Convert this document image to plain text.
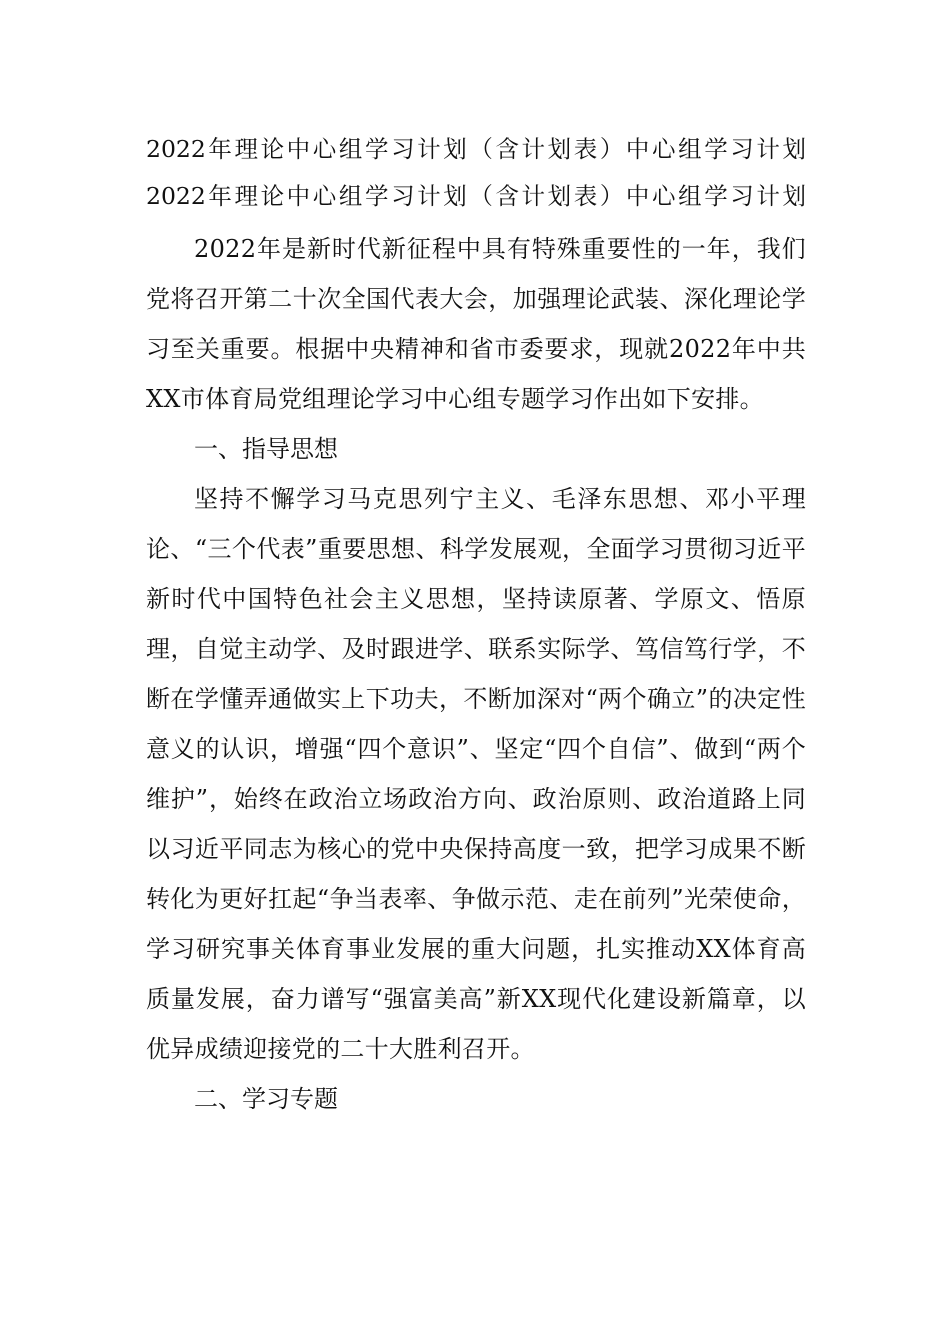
2022年理论中心组学习计划（含计划表）中心组学习计划

2022年理论中心组学习计划（含计划表）中心组学习计划

2022年是新时代新征程中具有特殊重要性的一年，我们党将召开第二十次全国代表大会，加强理论武装、深化理论学习至关重要。根据中央精神和省市委要求，现就2022年中共XX市体育局党组理论学习中心组专题学习作出如下安排。

一、指导思想

坚持不懈学习马克思列宁主义、毛泽东思想、邓小平理论、“三个代表”重要思想、科学发展观，全面学习贯彻习近平新时代中国特色社会主义思想，坚持读原著、学原文、悟原理，自觉主动学、及时跟进学、联系实际学、笃信笃行学，不断在学懂弄通做实上下功夫，不断加深对“两个确立”的决定性意义的认识，增强“四个意识”、坚定“四个自信”、做到“两个维护”，始终在政治立场政治方向、政治原则、政治道路上同以习近平同志为核心的党中央保持高度一致，把学习成果不断转化为更好扛起“争当表率、争做示范、走在前列”光荣使命，学习研究事关体育事业发展的重大问题，扎实推动XX体育高质量发展，奋力谱写“强富美高”新XX现代化建设新篇章，以优异成绩迎接党的二十大胜利召开。

二、学习专题
